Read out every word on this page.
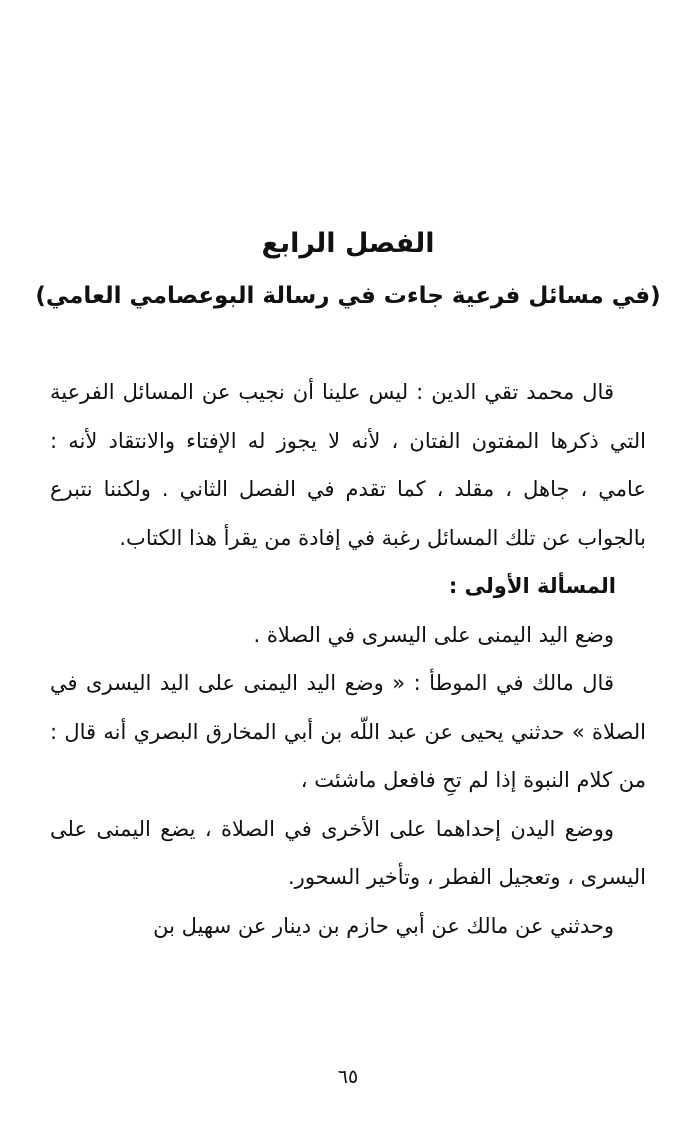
الفصل الرابع
(في مسائل فرعية جاءت في رسالة البوعصامي العامي)

قال محمد تقي الدين : ليس علينا أن نجيب عن المسائل الفرعية التي ذكرها المفتون الفتان ، لأنه لا يجوز له الإفتاء والانتقاد لأنه : عامي ، جاهل ، مقلد ، كما تقدم في الفصل الثاني . ولكننا نتبرع بالجواب عن تلك المسائل رغبة في إفادة من يقرأ هذا الكتاب.

المسألة الأولى :

وضع اليد اليمنى على اليسرى في الصلاة .

قال مالك في الموطأ : « وضع اليد اليمنى على اليد اليسرى في الصلاة » حدثني يحيى عن عبد اللّه بن أبي المخارق البصري أنه قال : من كلام النبوة إذا لم تحِ فافعل ماشئت ،

ووضع اليدن إحداهما على الأخرى في الصلاة ، يضع اليمنى على اليسرى ، وتعجيل الفطر ، وتأخير السحور.

وحدثني عن مالك عن أبي حازم بن دينار عن سهيل بن

٦٥
